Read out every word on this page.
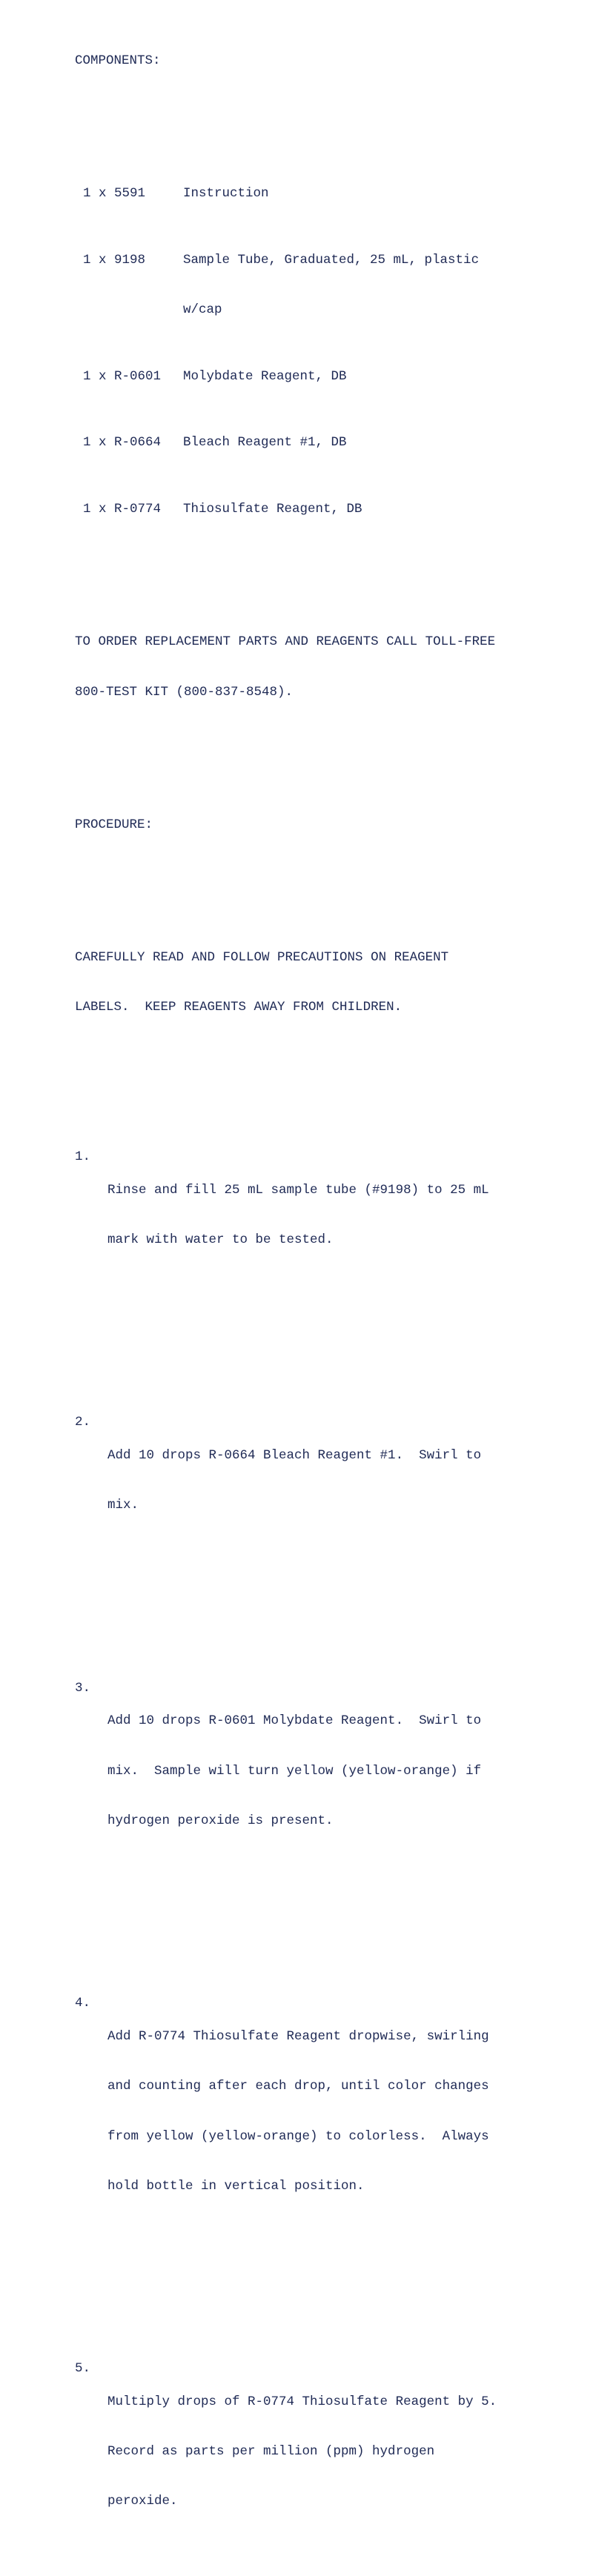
COMPONENTS:

1 x 5591	Instruction

1 x 9198	Sample Tube, Graduated, 25 mL, plastic

w/cap

1 x R-0601	Molybdate Reagent, DB

1 x R-0664	Bleach Reagent #1, DB

1 x R-0774	Thiosulfate Reagent, DB

TO ORDER REPLACEMENT PARTS AND REAGENTS CALL TOLL-FREE

800-TEST KIT (800-837-8548).

PROCEDURE:

CAREFULLY READ AND FOLLOW PRECAUTIONS ON REAGENT

LABELS.  KEEP REAGENTS AWAY FROM CHILDREN.

1.

Rinse and fill 25 mL sample tube (#9198) to 25 mL

mark with water to be tested.

2.

Add 10 drops R-0664 Bleach Reagent #1.  Swirl to

mix.

3.

Add 10 drops R-0601 Molybdate Reagent.  Swirl to

mix.  Sample will turn yellow (yellow-orange) if

hydrogen peroxide is present.

4.

Add R-0774 Thiosulfate Reagent dropwise, swirling

and counting after each drop, until color changes

from yellow (yellow-orange) to colorless.  Always

hold bottle in vertical position.

5.

Multiply drops of R-0774 Thiosulfate Reagent by 5.

Record as parts per million (ppm) hydrogen

peroxide.
